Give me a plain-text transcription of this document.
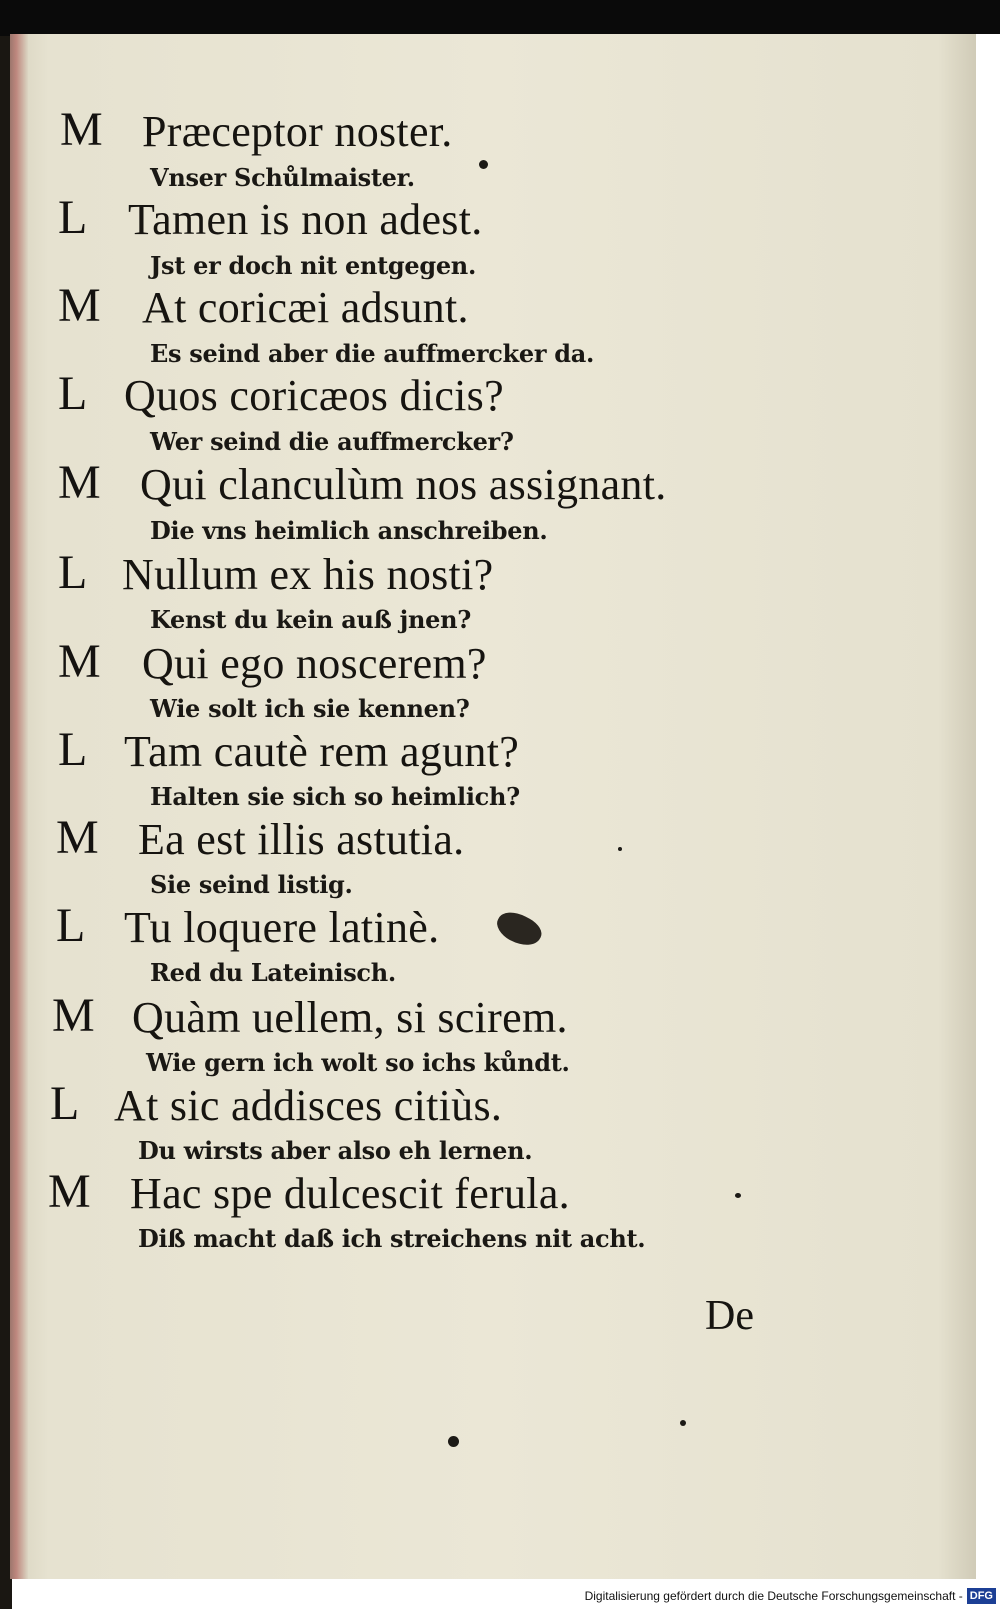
M Præceptor noster.
Vnser Schůlmaister.
L Tamen is non adest.
Jst er doch nit entgegen.
M At coricæi adsunt.
Es seind aber die auffmercker da.
L Quos coricæos dicis?
Wer seind die auffmercker?
M Qui clanculùm nos assignant.
Die vns heimlich anschreiben.
L Nullum ex his nosti?
Kenst du kein auß jnen?
M Qui ego noscerem?
Wie solt ich sie kennen?
L Tam cautè rem agunt?
Halten sie sich so heimlich?
M Ea est illis astutia.
Sie seind listig.
L Tu loquere latinè.
Red du Lateinisch.
M Quàm uellem, si scirem.
Wie gern ich wolt so ichs kůndt.
L At sic addisces citiùs.
Du wirsts aber also eh lernen.
M Hac spe dulcescit ferula.
Diß macht daß ich streichens nit acht.
De
Digitalisierung gefördert durch die Deutsche Forschungsgemeinschaft - DFG
